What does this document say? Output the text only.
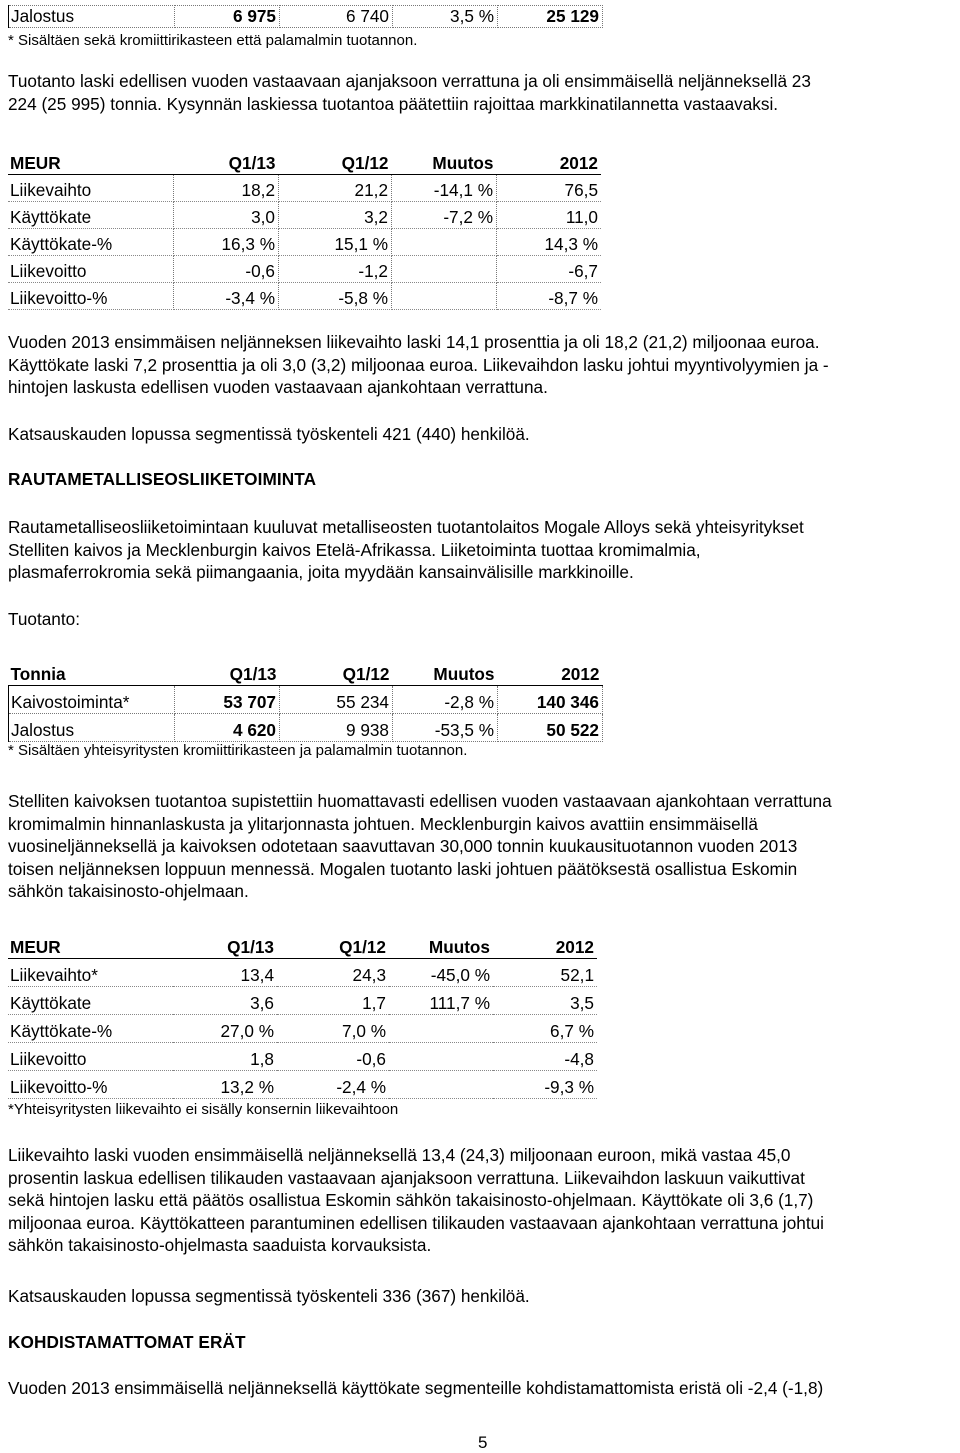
Jalostus	6 975	6 740	3,5 %	25 129
* Sisältäen sekä kromiittirikasteen että palamalmin tuotannon.
Tuotanto laski edellisen vuoden vastaavaan ajanjaksoon verrattuna ja oli ensimmäisellä neljänneksellä 23
224 (25 995) tonnia. Kysynnän laskiessa tuotantoa päätettiin rajoittaa markkinatilannetta vastaavaksi.
MEUR	Q1/13	Q1/12	Muutos	2012
Liikevaihto	18,2	21,2	-14,1 %	76,5
Käyttökate	3,0	3,2	-7,2 %	11,0
Käyttökate-%	16,3 %	15,1 %		14,3 %
Liikevoitto	-0,6	-1,2		-6,7
Liikevoitto-%	-3,4 %	-5,8 %		-8,7 %
Vuoden 2013 ensimmäisen neljänneksen liikevaihto laski 14,1 prosenttia ja oli 18,2 (21,2) miljoonaa euroa.
Käyttökate laski 7,2 prosenttia ja oli 3,0 (3,2) miljoonaa euroa. Liikevaihdon lasku johtui myyntivolyymien ja -
hintojen laskusta edellisen vuoden vastaavaan ajankohtaan verrattuna.
Katsauskauden lopussa segmentissä työskenteli 421 (440) henkilöä.
RAUTAMETALLISEOSLIIKETOIMINTA
Rautametalliseosliiketoimintaan kuuluvat metalliseosten tuotantolaitos Mogale Alloys sekä yhteisyritykset
Stelliten kaivos ja Mecklenburgin kaivos Etelä-Afrikassa. Liiketoiminta tuottaa kromimalmia,
plasmaferrokromia sekä piimangaania, joita myydään kansainvälisille markkinoille.
Tuotanto:
Tonnia	Q1/13	Q1/12	Muutos	2012
Kaivostoiminta*	53 707	55 234	-2,8 %	140 346
Jalostus	4 620	9 938	-53,5 %	50 522
* Sisältäen yhteisyritysten kromiittirikasteen ja palamalmin tuotannon.
Stelliten kaivoksen tuotantoa supistettiin huomattavasti edellisen vuoden vastaavaan ajankohtaan verrattuna
kromimalmin hinnanlaskusta ja ylitarjonnasta johtuen. Mecklenburgin kaivos avattiin ensimmäisellä
vuosineljänneksellä ja kaivoksen odotetaan saavuttavan 30,000 tonnin kuukausituotannon vuoden 2013
toisen neljänneksen loppuun mennessä. Mogalen tuotanto laski johtuen päätöksestä osallistua Eskomin
sähkön takaisinosto-ohjelmaan.
MEUR	Q1/13	Q1/12	Muutos	2012
Liikevaihto*	13,4	24,3	-45,0 %	52,1
Käyttökate	3,6	1,7	111,7 %	3,5
Käyttökate-%	27,0 %	7,0 %		6,7 %
Liikevoitto	1,8	-0,6		-4,8
Liikevoitto-%	13,2 %	-2,4 %		-9,3 %
*Yhteisyritysten liikevaihto ei sisälly konsernin liikevaihtoon
Liikevaihto laski vuoden ensimmäisellä neljänneksellä 13,4 (24,3) miljoonaan euroon, mikä vastaa 45,0
prosentin laskua edellisen tilikauden vastaavaan ajanjaksoon verrattuna. Liikevaihdon laskuun vaikuttivat
sekä hintojen lasku että päätös osallistua Eskomin sähkön takaisinosto-ohjelmaan. Käyttökate oli 3,6 (1,7)
miljoonaa euroa. Käyttökatteen parantuminen edellisen tilikauden vastaavaan ajankohtaan verrattuna johtui
sähkön takaisinosto-ohjelmasta saaduista korvauksista.
Katsauskauden lopussa segmentissä työskenteli 336 (367) henkilöä.
KOHDISTAMATTOMAT ERÄT
Vuoden 2013 ensimmäisellä neljänneksellä käyttökate segmenteille kohdistamattomista eristä oli -2,4 (-1,8)
5
